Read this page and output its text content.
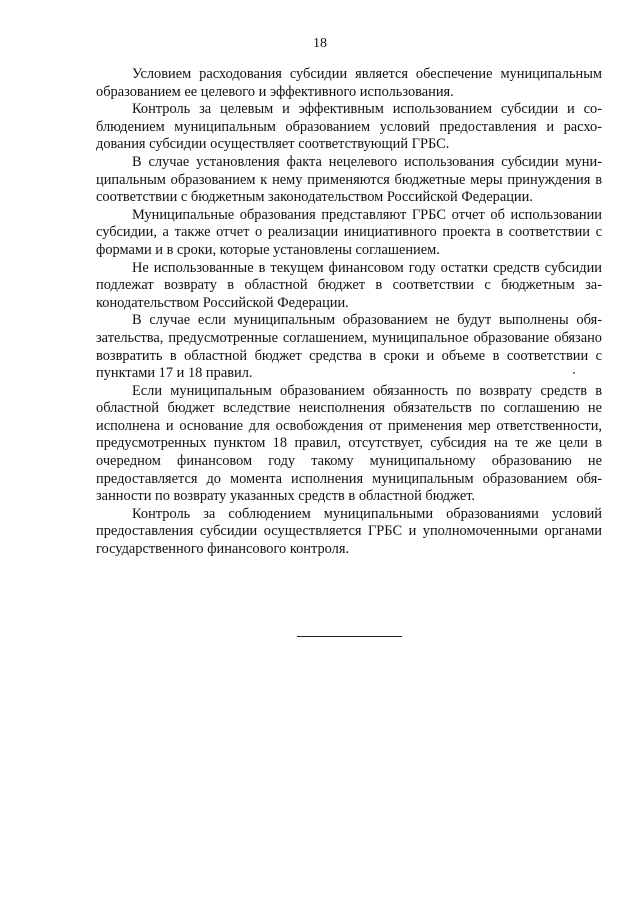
18

Условием расходования субсидии является обеспечение муниципальным образованием ее целевого и эффективного использования.

Контроль за целевым и эффективным использованием субсидии и соблюдением муниципальным образованием условий предоставления и расходования субсидии осуществляет соответствующий ГРБС.

В случае установления факта нецелевого использования субсидии муниципальным образованием к нему применяются бюджетные меры принуждения в соответствии с бюджетным законодательством Российской Федерации.

Муниципальные образования представляют ГРБС отчет об использовании субсидии, а также отчет о реализации инициативного проекта в соответствии с формами и в сроки, которые установлены соглашением.

Не использованные в текущем финансовом году остатки средств субсидии подлежат возврату в областной бюджет в соответствии с бюджетным законодательством Российской Федерации.

В случае если муниципальным образованием не будут выполнены обязательства, предусмотренные соглашением, муниципальное образование обязано возвратить в областной бюджет средства в сроки и объеме в соответствии с пунктами 17 и 18 правил.

Если муниципальным образованием обязанность по возврату средств в областной бюджет вследствие неисполнения обязательств по соглашению не исполнена и основание для освобождения от применения мер ответственности, предусмотренных пунктом 18 правил, отсутствует, субсидия на те же цели в очередном финансовом году такому муниципальному образованию не предоставляется до момента исполнения муниципальным образованием обязанности по возврату указанных средств в областной бюджет.

Контроль за соблюдением муниципальными образованиями условий предоставления субсидии осуществляется ГРБС и уполномоченными органами государственного финансового контроля.
